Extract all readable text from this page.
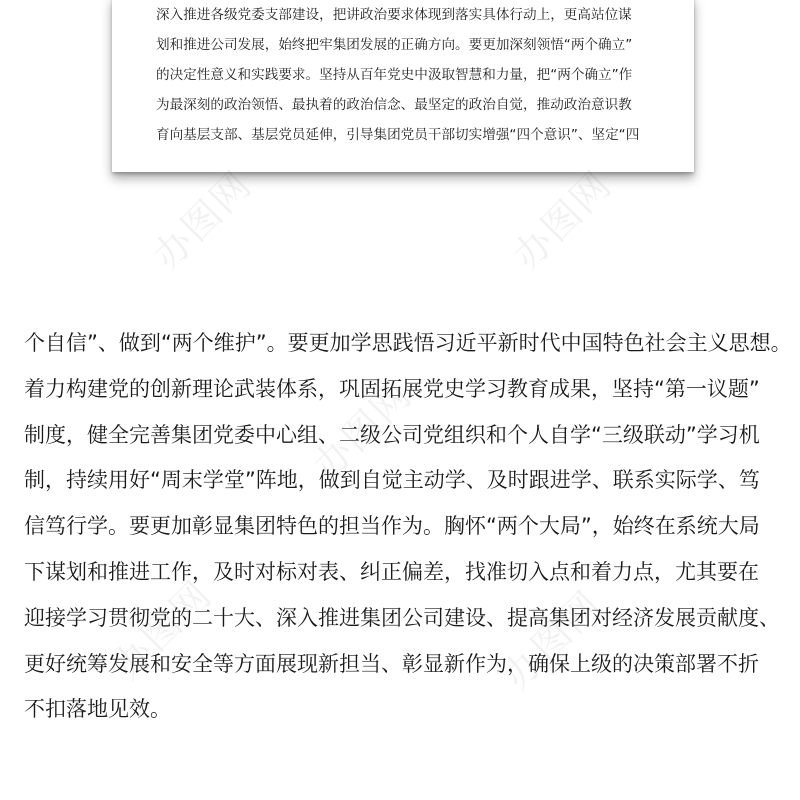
深入推进各级党委支部建设，把讲政治要求体现到落实具体行动上，更高站位谋
划和推进公司发展，始终把牢集团发展的正确方向。要更加深刻领悟“两个确立”
的决定性意义和实践要求。坚持从百年党史中汲取智慧和力量，把“两个确立”作
为最深刻的政治领悟、最执着的政治信念、最坚定的政治自觉，推动政治意识教
育向基层支部、基层党员延伸，引导集团党员干部切实增强“四个意识”、坚定“四
办图网	办图网
办图网
办图网	办图网
个自信”、做到“两个维护”。要更加学思践悟习近平新时代中国特色社会主义思想。
着力构建党的创新理论武装体系，巩固拓展党史学习教育成果，坚持“第一议题”
制度，健全完善集团党委中心组、二级公司党组织和个人自学“三级联动”学习机
制，持续用好“周末学堂”阵地，做到自觉主动学、及时跟进学、联系实际学、笃
信笃行学。要更加彰显集团特色的担当作为。胸怀“两个大局”，始终在系统大局
下谋划和推进工作，及时对标对表、纠正偏差，找准切入点和着力点，尤其要在
迎接学习贯彻党的二十大、深入推进集团公司建设、提高集团对经济发展贡献度、
更好统筹发展和安全等方面展现新担当、彰显新作为，确保上级的决策部署不折
不扣落地见效。
